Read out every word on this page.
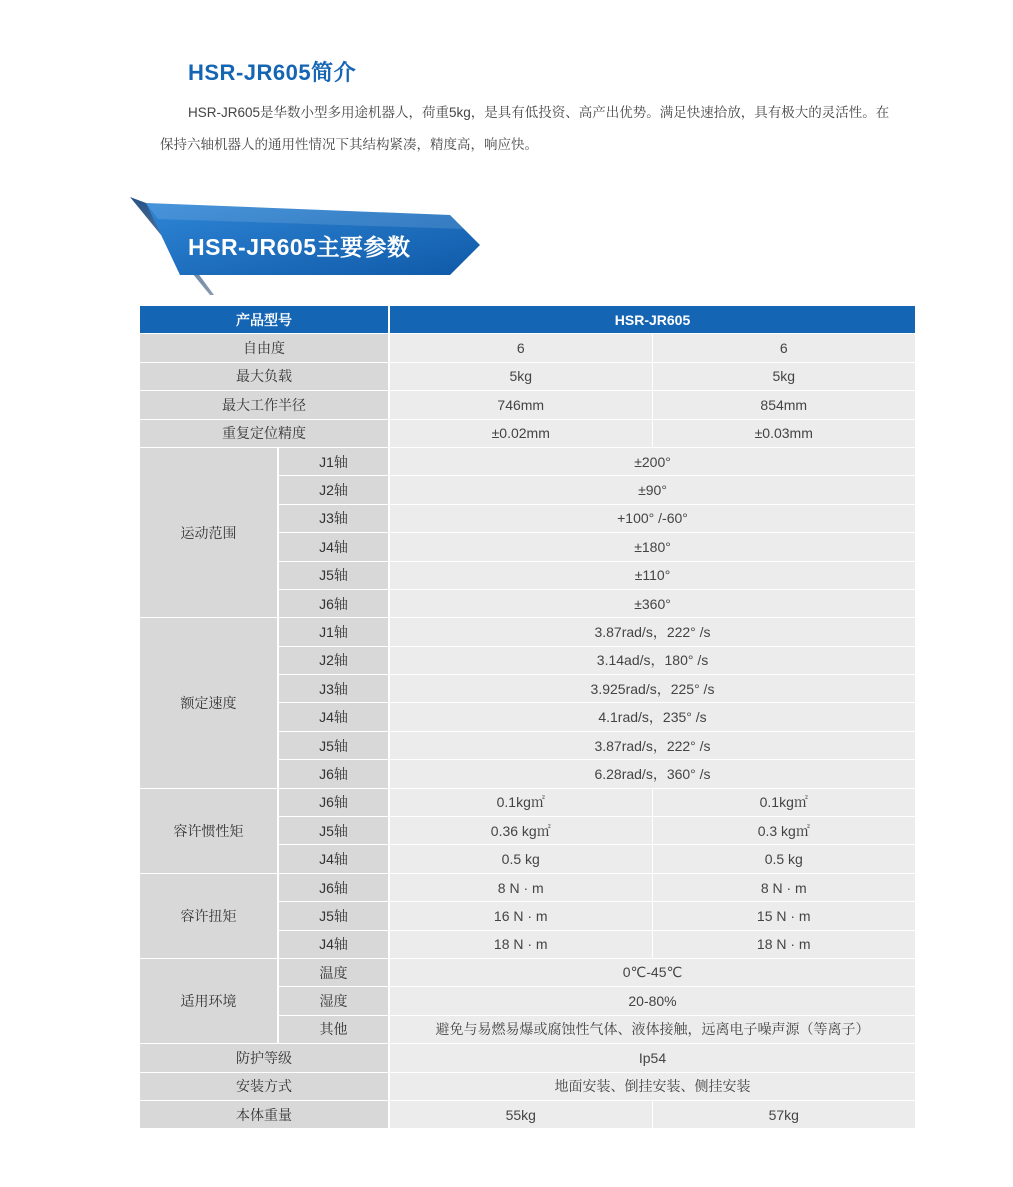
HSR-JR605简介

HSR-JR605是华数小型多用途机器人，荷重5kg，是具有低投资、高产出优势。满足快速拾放，具有极大的灵活性。在保持六轴机器人的通用性情况下其结构紧凑，精度高，响应快。

HSR-JR605主要参数
产品型号		HSR-JR605	
自由度		6	6
最大负载		5kg	5kg
最大工作半径		746mm	854mm
重复定位精度		±0.02mm	±0.03mm
运动范围	J1轴	±200°	
	J2轴	±90°	
	J3轴	+100° /-60°	
	J4轴	±180°	
	J5轴	±110°	
	J6轴	±360°	
额定速度	J1轴	3.87rad/s，222° /s	
	J2轴	3.14ad/s，180° /s	
	J3轴	3.925rad/s，225° /s	
	J4轴	4.1rad/s，235° /s	
	J5轴	3.87rad/s，222° /s	
	J6轴	6.28rad/s，360° /s	
容许惯性矩	J6轴	0.1kg㎡	0.1kg㎡
	J5轴	0.36 kg㎡	0.3 kg㎡
	J4轴	0.5 kg	0.5 kg
容许扭矩	J6轴	8 N · m	8 N · m
	J5轴	16 N · m	15 N · m
	J4轴	18 N · m	18 N · m
适用环境	温度	0℃-45℃	
	湿度	20-80%	
	其他	避免与易燃易爆或腐蚀性气体、液体接触，远离电子噪声源（等离子）	
防护等级		Ip54	
安装方式		地面安装、倒挂安装、侧挂安装	
本体重量		55kg	57kg
